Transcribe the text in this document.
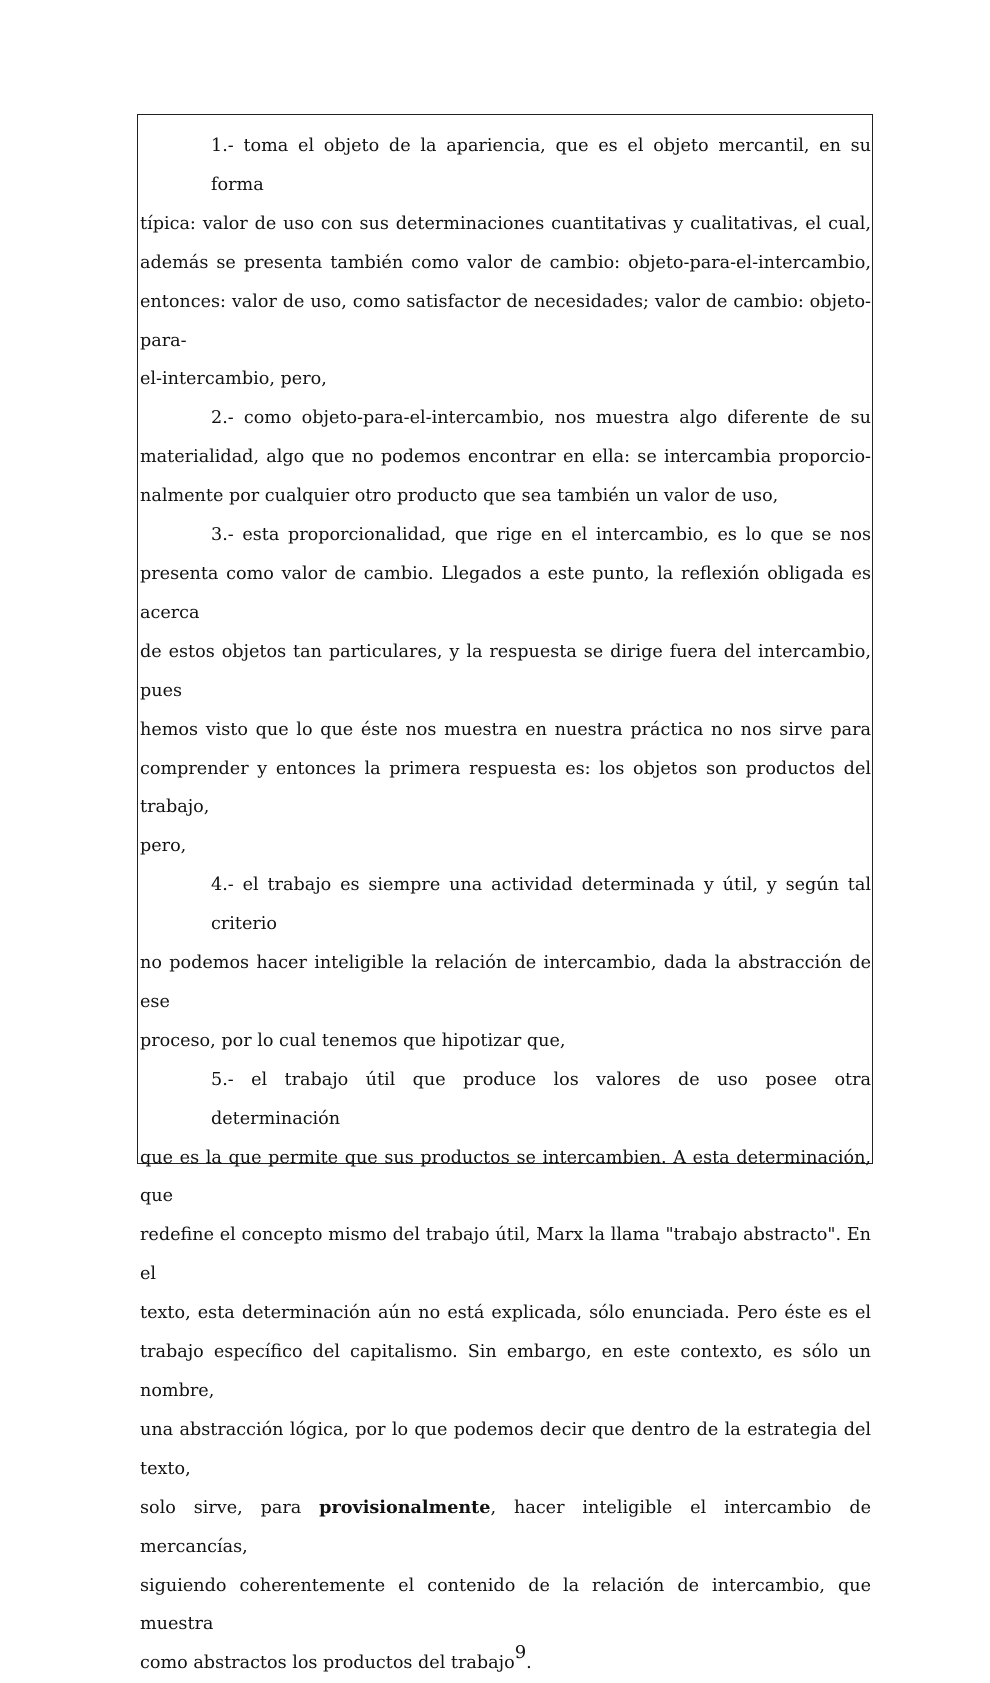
1.- toma el objeto de la apariencia, que es el objeto mercantil, en su forma
típica: valor de uso con sus determinaciones cuantitativas y cualitativas, el cual,
además se presenta también como valor de cambio: objeto-para-el-intercambio,
entonces: valor de uso, como satisfactor de necesidades; valor de cambio: objeto-para-
el-intercambio, pero,
2.- como objeto-para-el-intercambio, nos muestra algo diferente de su
materialidad, algo que no podemos encontrar en ella: se intercambia proporcio-
nalmente por cualquier otro producto que sea también un valor de uso,
3.- esta proporcionalidad, que rige en el intercambio, es lo que se nos
presenta como valor de cambio. Llegados a este punto, la reflexión obligada es acerca
de estos objetos tan particulares, y la respuesta se dirige fuera del intercambio, pues
hemos visto que lo que éste nos muestra en nuestra práctica no nos sirve para
comprender y entonces la primera respuesta es: los objetos son productos del trabajo,
pero,
4.- el trabajo es siempre una actividad determinada y útil, y según tal criterio
no podemos hacer inteligible la relación de intercambio, dada la abstracción de ese
proceso, por lo cual tenemos que hipotizar que,
5.- el trabajo útil que produce los valores de uso posee otra determinación
que es la que permite que sus productos se intercambien. A esta determinación, que
redefine el concepto mismo del trabajo útil, Marx la llama "trabajo abstracto". En el
texto, esta determinación aún no está explicada, sólo enunciada. Pero éste es el
trabajo específico del capitalismo. Sin embargo, en este contexto, es sólo un nombre,
una abstracción lógica, por lo que podemos decir que dentro de la estrategia del texto,
solo sirve, para provisionalmente, hacer inteligible el intercambio de mercancías,
siguiendo coherentemente el contenido de la relación de intercambio, que muestra
como abstractos los productos del trabajo$^9$.
